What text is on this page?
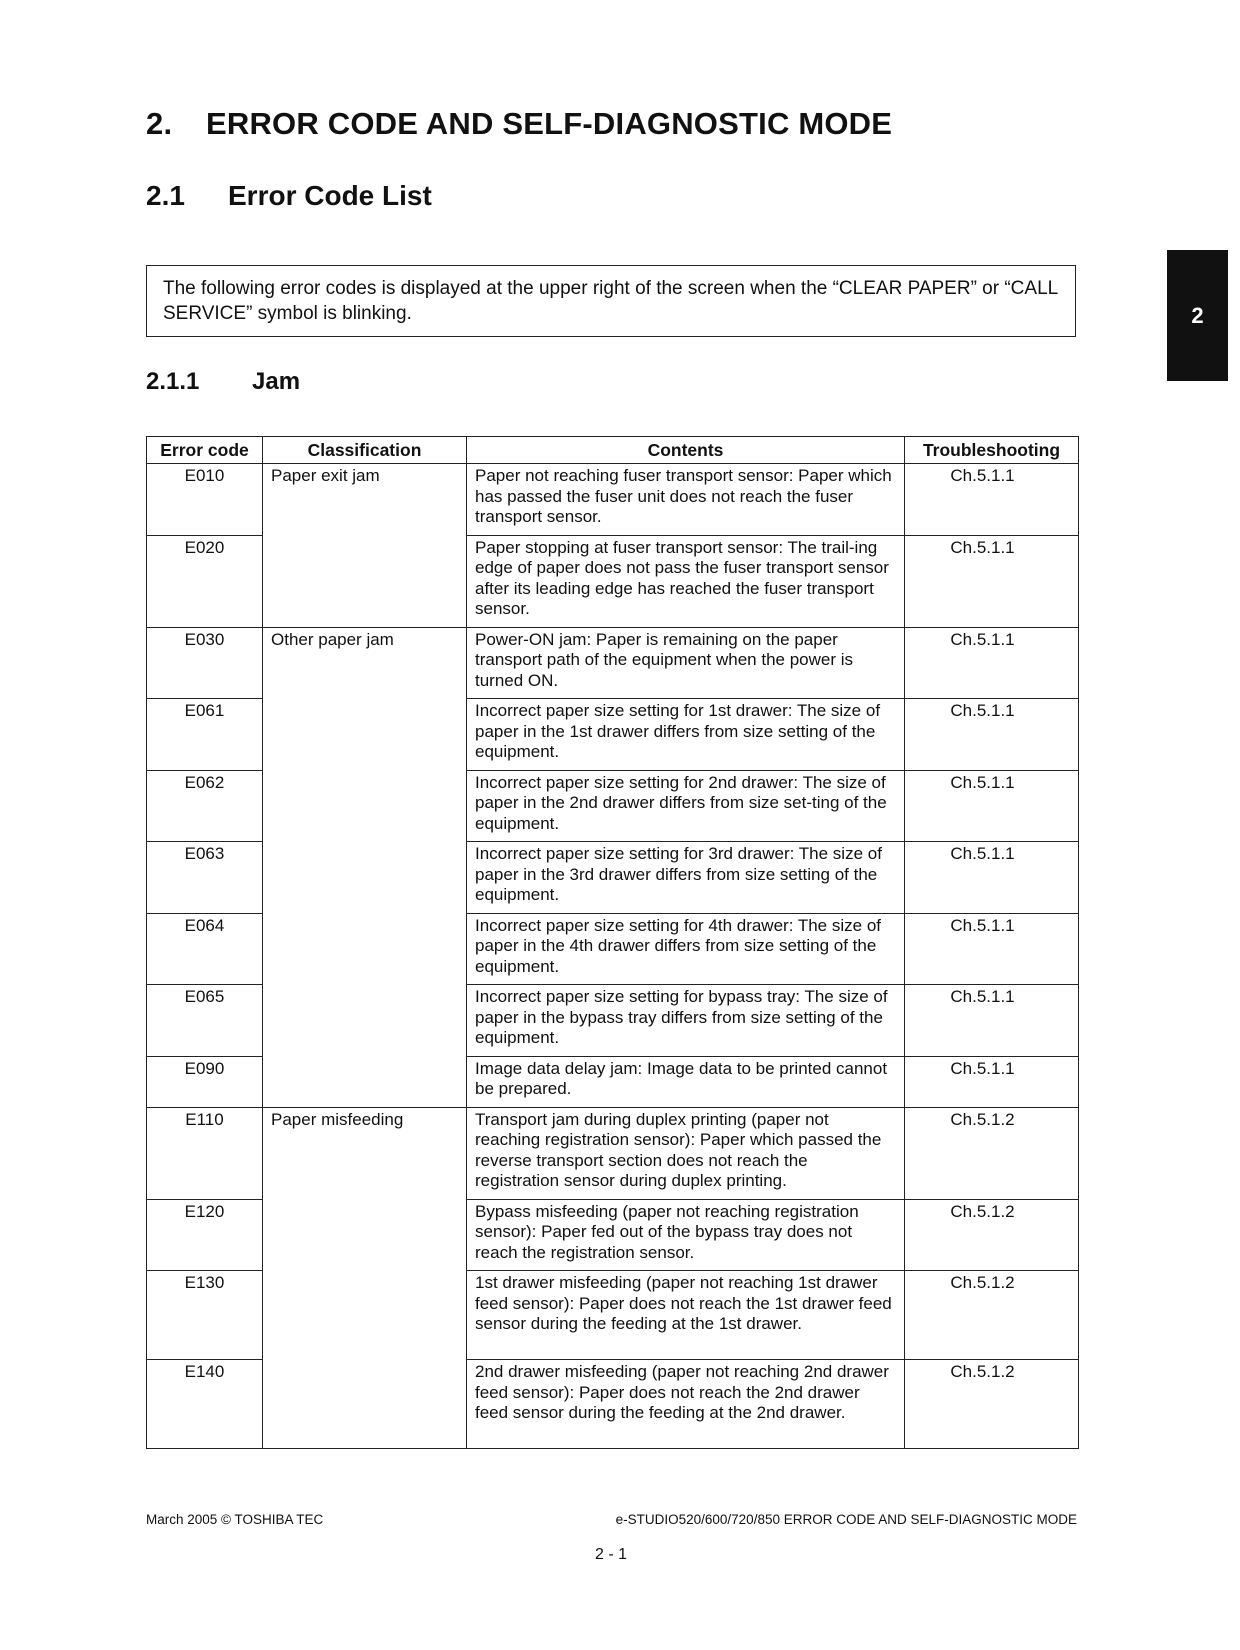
2. ERROR CODE AND SELF-DIAGNOSTIC MODE
2.1 Error Code List
The following error codes is displayed at the upper right of the screen when the “CLEAR PAPER” or “CALL SERVICE” symbol is blinking.	2
2.1.1 Jam
Error code	Classification	Contents	Troubleshooting
E010	Paper exit jam	Paper not reaching fuser transport sensor: Paper which has passed the fuser unit does not reach the fuser transport sensor.	Ch.5.1.1
E020		Paper stopping at fuser transport sensor: The trail-ing edge of paper does not pass the fuser transport sensor after its leading edge has reached the fuser transport sensor.	Ch.5.1.1
E030	Other paper jam	Power-ON jam: Paper is remaining on the paper transport path of the equipment when the power is turned ON.	Ch.5.1.1
E061		Incorrect paper size setting for 1st drawer: The size of paper in the 1st drawer differs from size setting of the equipment.	Ch.5.1.1
E062		Incorrect paper size setting for 2nd drawer: The size of paper in the 2nd drawer differs from size set-ting of the equipment.	Ch.5.1.1
E063		Incorrect paper size setting for 3rd drawer: The size of paper in the 3rd drawer differs from size setting of the equipment.	Ch.5.1.1
E064		Incorrect paper size setting for 4th drawer: The size of paper in the 4th drawer differs from size setting of the equipment.	Ch.5.1.1
E065		Incorrect paper size setting for bypass tray: The size of paper in the bypass tray differs from size setting of the equipment.	Ch.5.1.1
E090		Image data delay jam: Image data to be printed cannot be prepared.	Ch.5.1.1
E110	Paper misfeeding	Transport jam during duplex printing (paper not reaching registration sensor): Paper which passed the reverse transport section does not reach the registration sensor during duplex printing.	Ch.5.1.2
E120		Bypass misfeeding (paper not reaching registration sensor): Paper fed out of the bypass tray does not reach the registration sensor.	Ch.5.1.2
E130		1st drawer misfeeding (paper not reaching 1st drawer feed sensor): Paper does not reach the 1st drawer feed sensor during the feeding at the 1st drawer.	Ch.5.1.2
E140		2nd drawer misfeeding (paper not reaching 2nd drawer feed sensor): Paper does not reach the 2nd drawer feed sensor during the feeding at the 2nd drawer.	Ch.5.1.2
March 2005 © TOSHIBA TEC	e-STUDIO520/600/720/850 ERROR CODE AND SELF-DIAGNOSTIC MODE
2 - 1
